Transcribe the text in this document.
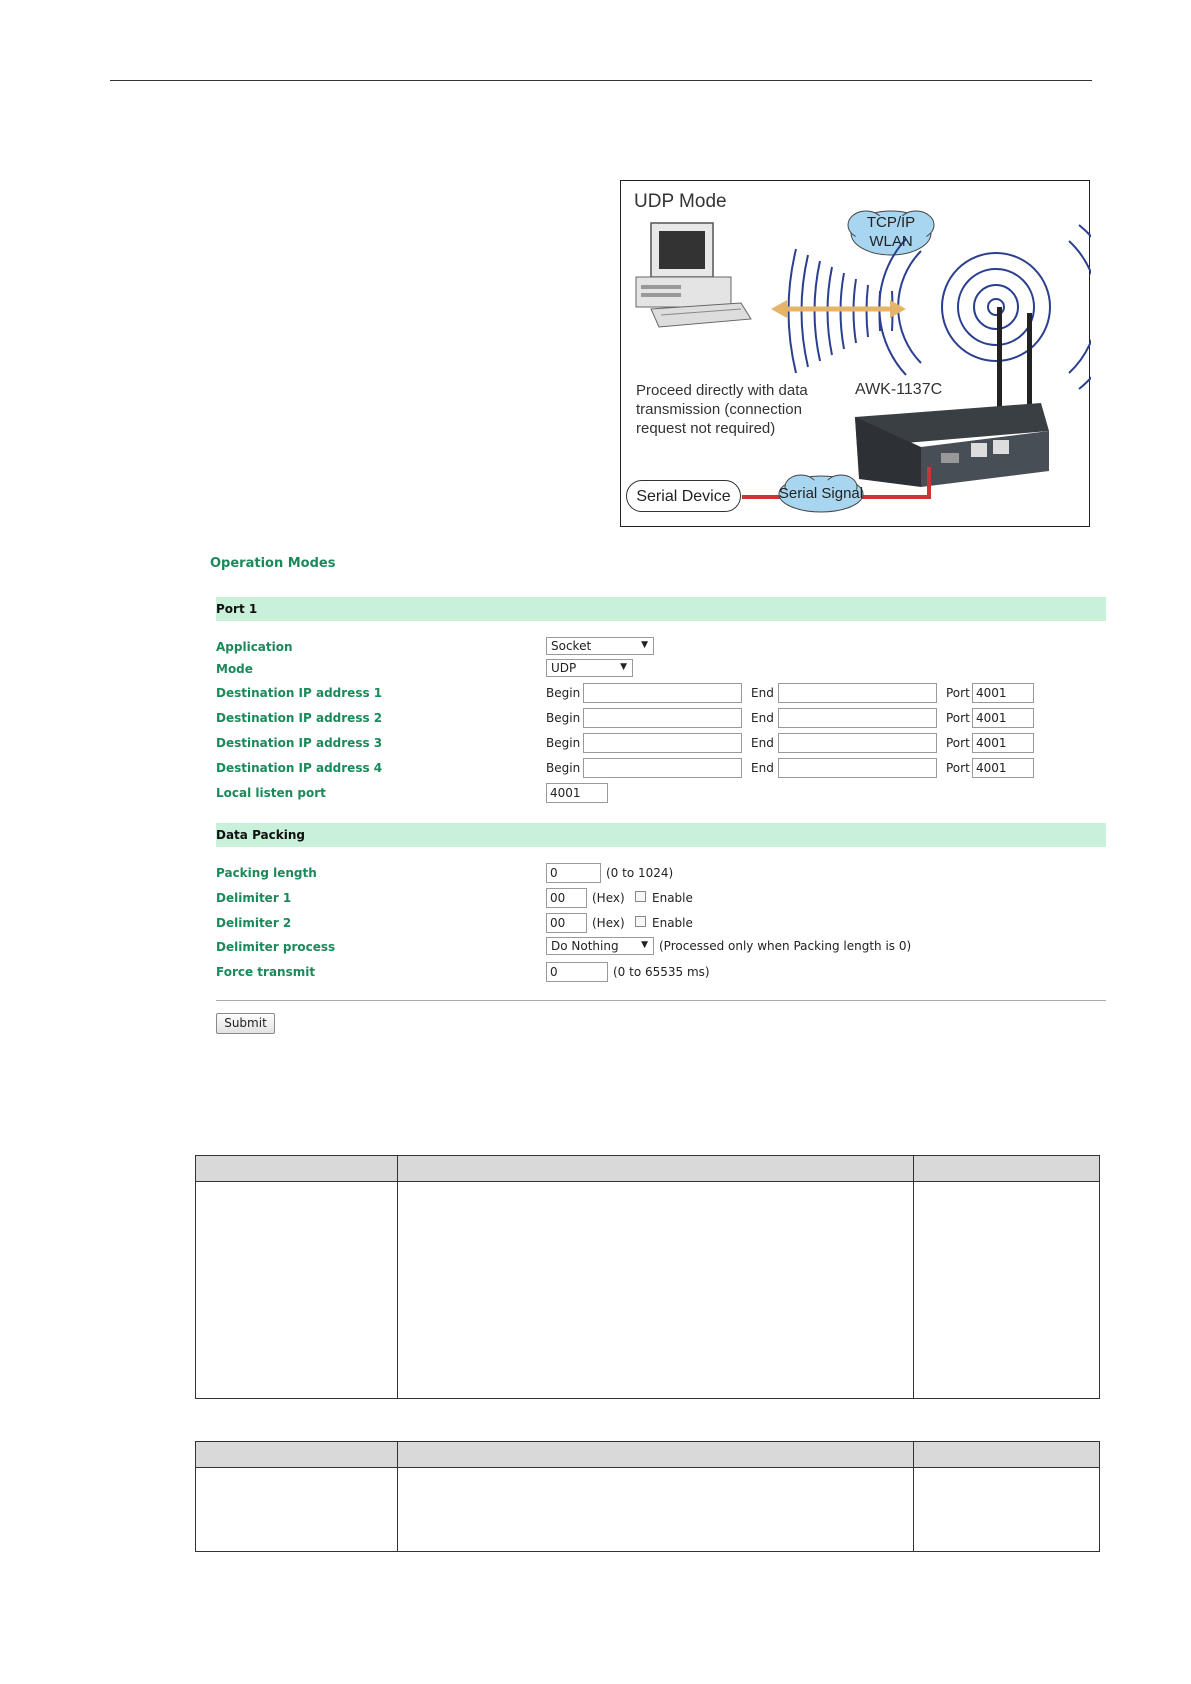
UDP Mode
TCP/IP
WLAN
Proceed directly with data transmission (connection request not required)
AWK-1137C
Serial Device	Serial Signal
Operation Modes
Port 1
Application	Socket	▼
Mode	UDP	▼
Destination IP address 1	Begin	End	Port 4001
Destination IP address 2	Begin	End	Port 4001
Destination IP address 3	Begin	End	Port 4001
Destination IP address 4	Begin	End	Port 4001
Local listen port	4001
Data Packing
Packing length	0	(0 to 1024)
Delimiter 1	00	(Hex) Enable
Delimiter 2	00	(Hex) Enable
Delimiter process	Do Nothing ▼ (Processed only when Packing length is 0)
Force transmit	0	(0 to 65535 ms)
Submit
